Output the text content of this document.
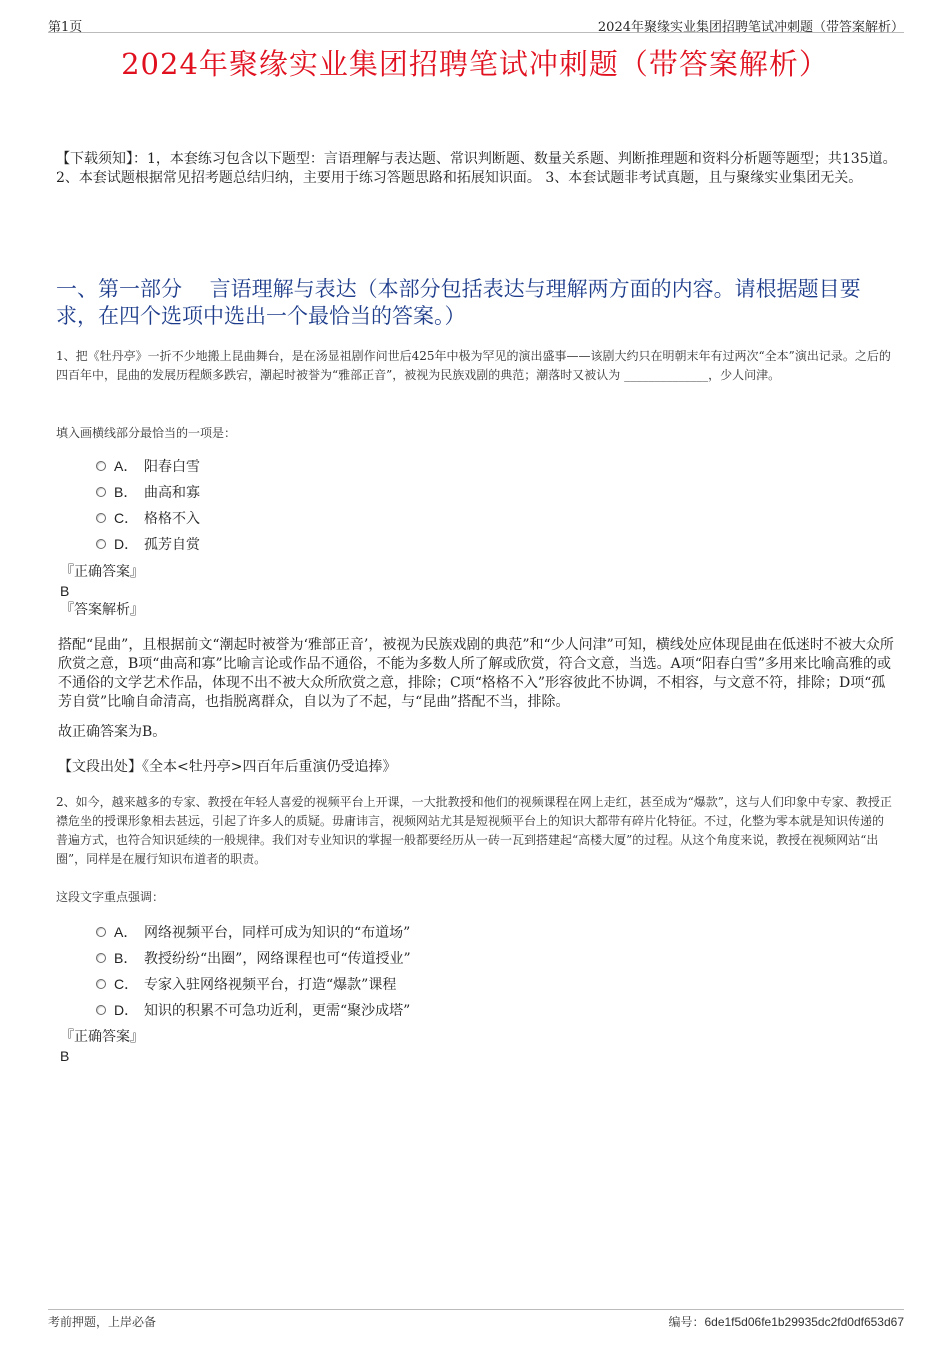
第1页	2024年聚缘实业集团招聘笔试冲刺题（带答案解析）
2024年聚缘实业集团招聘笔试冲刺题（带答案解析）
【下载须知】：1，本套练习包含以下题型：言语理解与表达题、常识判断题、数量关系题、判断推理题和资料分析题等题型；共135道。 2、本套试题根据常见招考题总结归纳，主要用于练习答题思路和拓展知识面。 3、本套试题非考试真题，且与聚缘实业集团无关。
一、第一部分　 言语理解与表达（本部分包括表达与理解两方面的内容。请根据题目要求，在四个选项中选出一个最恰当的答案。）
1、把《牡丹亭》一折不少地搬上昆曲舞台，是在汤显祖剧作问世后425年中极为罕见的演出盛事——该剧大约只在明朝末年有过两次“全本”演出记录。之后的四百年中，昆曲的发展历程颇多跌宕，潮起时被誉为“雅部正音”，被视为民族戏剧的典范；潮落时又被认为 ______________，少人问津。
填入画横线部分最恰当的一项是：
A． 阳春白雪
B． 曲高和寡
C． 格格不入
D． 孤芳自赏
『正确答案』
B
『答案解析』
搭配“昆曲”，且根据前文“潮起时被誉为‘雅部正音’，被视为民族戏剧的典范”和“少人问津”可知，横线处应体现昆曲在低迷时不被大众所欣赏之意，B项“曲高和寡”比喻言论或作品不通俗，不能为多数人所了解或欣赏，符合文意，当选。A项“阳春白雪”多用来比喻高雅的或不通俗的文学艺术作品，体现不出不被大众所欣赏之意，排除；C项“格格不入”形容彼此不协调，不相容，与文意不符，排除；D项“孤芳自赏”比喻自命清高，也指脱离群众，自以为了不起，与“昆曲”搭配不当，排除。
故正确答案为B。
【文段出处】《全本<牡丹亭>四百年后重演仍受追捧》
2、如今，越来越多的专家、教授在年轻人喜爱的视频平台上开课，一大批教授和他们的视频课程在网上走红，甚至成为“爆款”，这与人们印象中专家、教授正襟危坐的授课形象相去甚远，引起了许多人的质疑。毋庸讳言，视频网站尤其是短视频平台上的知识大都带有碎片化特征。不过，化整为零本就是知识传递的普遍方式，也符合知识延续的一般规律。我们对专业知识的掌握一般都要经历从一砖一瓦到搭建起“高楼大厦”的过程。从这个角度来说，教授在视频网站“出圈”，同样是在履行知识布道者的职责。
这段文字重点强调：
A． 网络视频平台，同样可成为知识的“布道场”
B． 教授纷纷“出圈”，网络课程也可“传道授业”
C． 专家入驻网络视频平台，打造“爆款”课程
D． 知识的积累不可急功近利，更需“聚沙成塔”
『正确答案』
B
考前押题，上岸必备	编号：6de1f5d06fe1b29935dc2fd0df653d67
